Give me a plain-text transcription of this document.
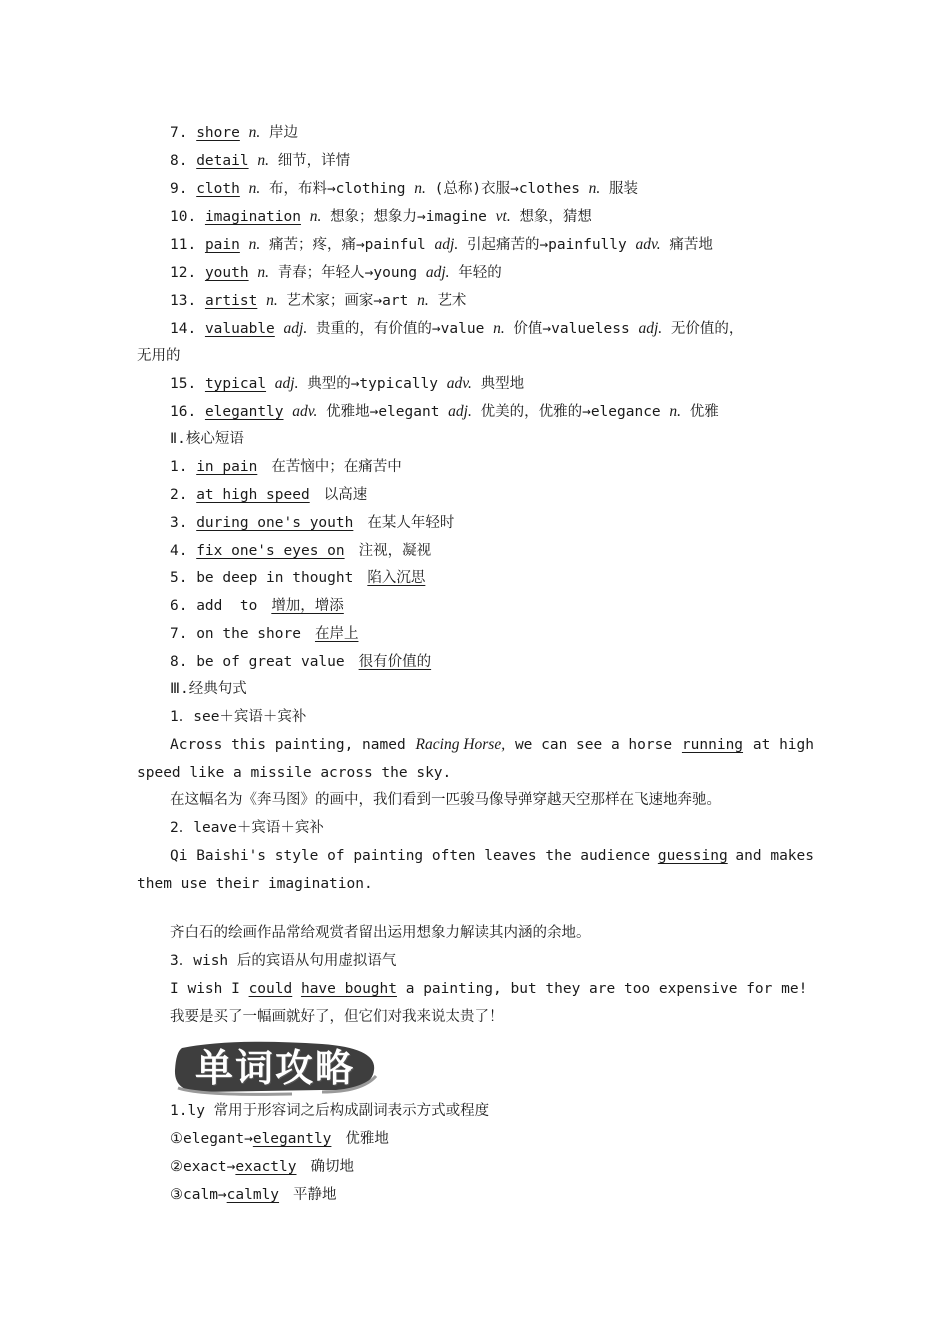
7. shore n. 岸边
8. detail n. 细节，详情
9. cloth n. 布，布料→clothing n. (总称)衣服→clothes n. 服装
10. imagination n. 想象；想象力→imagine vt. 想象，猜想
11. pain n. 痛苦；疼，痛→painful adj. 引起痛苦的→painfully adv. 痛苦地
12. youth n. 青春；年轻人→young adj. 年轻的
13. artist n. 艺术家；画家→art n. 艺术
14. valuable adj. 贵重的，有价值的→value n. 价值→valueless adj. 无价值的，
无用的
15. typical adj. 典型的→typically adv. 典型地
16. elegantly adv. 优雅地→elegant adj. 优美的，优雅的→elegance n. 优雅
Ⅱ.核心短语
1. in pain 在苦恼中；在痛苦中
2. at high speed 以高速
3. during one's youth 在某人年轻时
4. fix one's eyes on 注视，凝视
5. be deep in thought 陷入沉思
6. add  to 增加，增添
7. on the shore 在岸上
8. be of great value 很有价值的
Ⅲ.经典句式
1．see＋宾语＋宾补
Across this painting, named Racing Horse, we can see a horse running at high
speed like a missile across the sky.
在这幅名为《奔马图》的画中，我们看到一匹骏马像导弹穿越天空那样在飞速地奔驰。
2．leave＋宾语＋宾补
Qi Baishi's style of painting often leaves the audience guessing and makes
them use their imagination.
齐白石的绘画作品常给观赏者留出运用想象力解读其内涵的余地。
3．wish 后的宾语从句用虚拟语气
I wish I could have bought a painting, but they are too expensive for me!
我要是买了一幅画就好了，但它们对我来说太贵了！
单词攻略
1.ly 常用于形容词之后构成副词表示方式或程度
①elegant→elegantly 优雅地
②exact→exactly 确切地
③calm→calmly 平静地
